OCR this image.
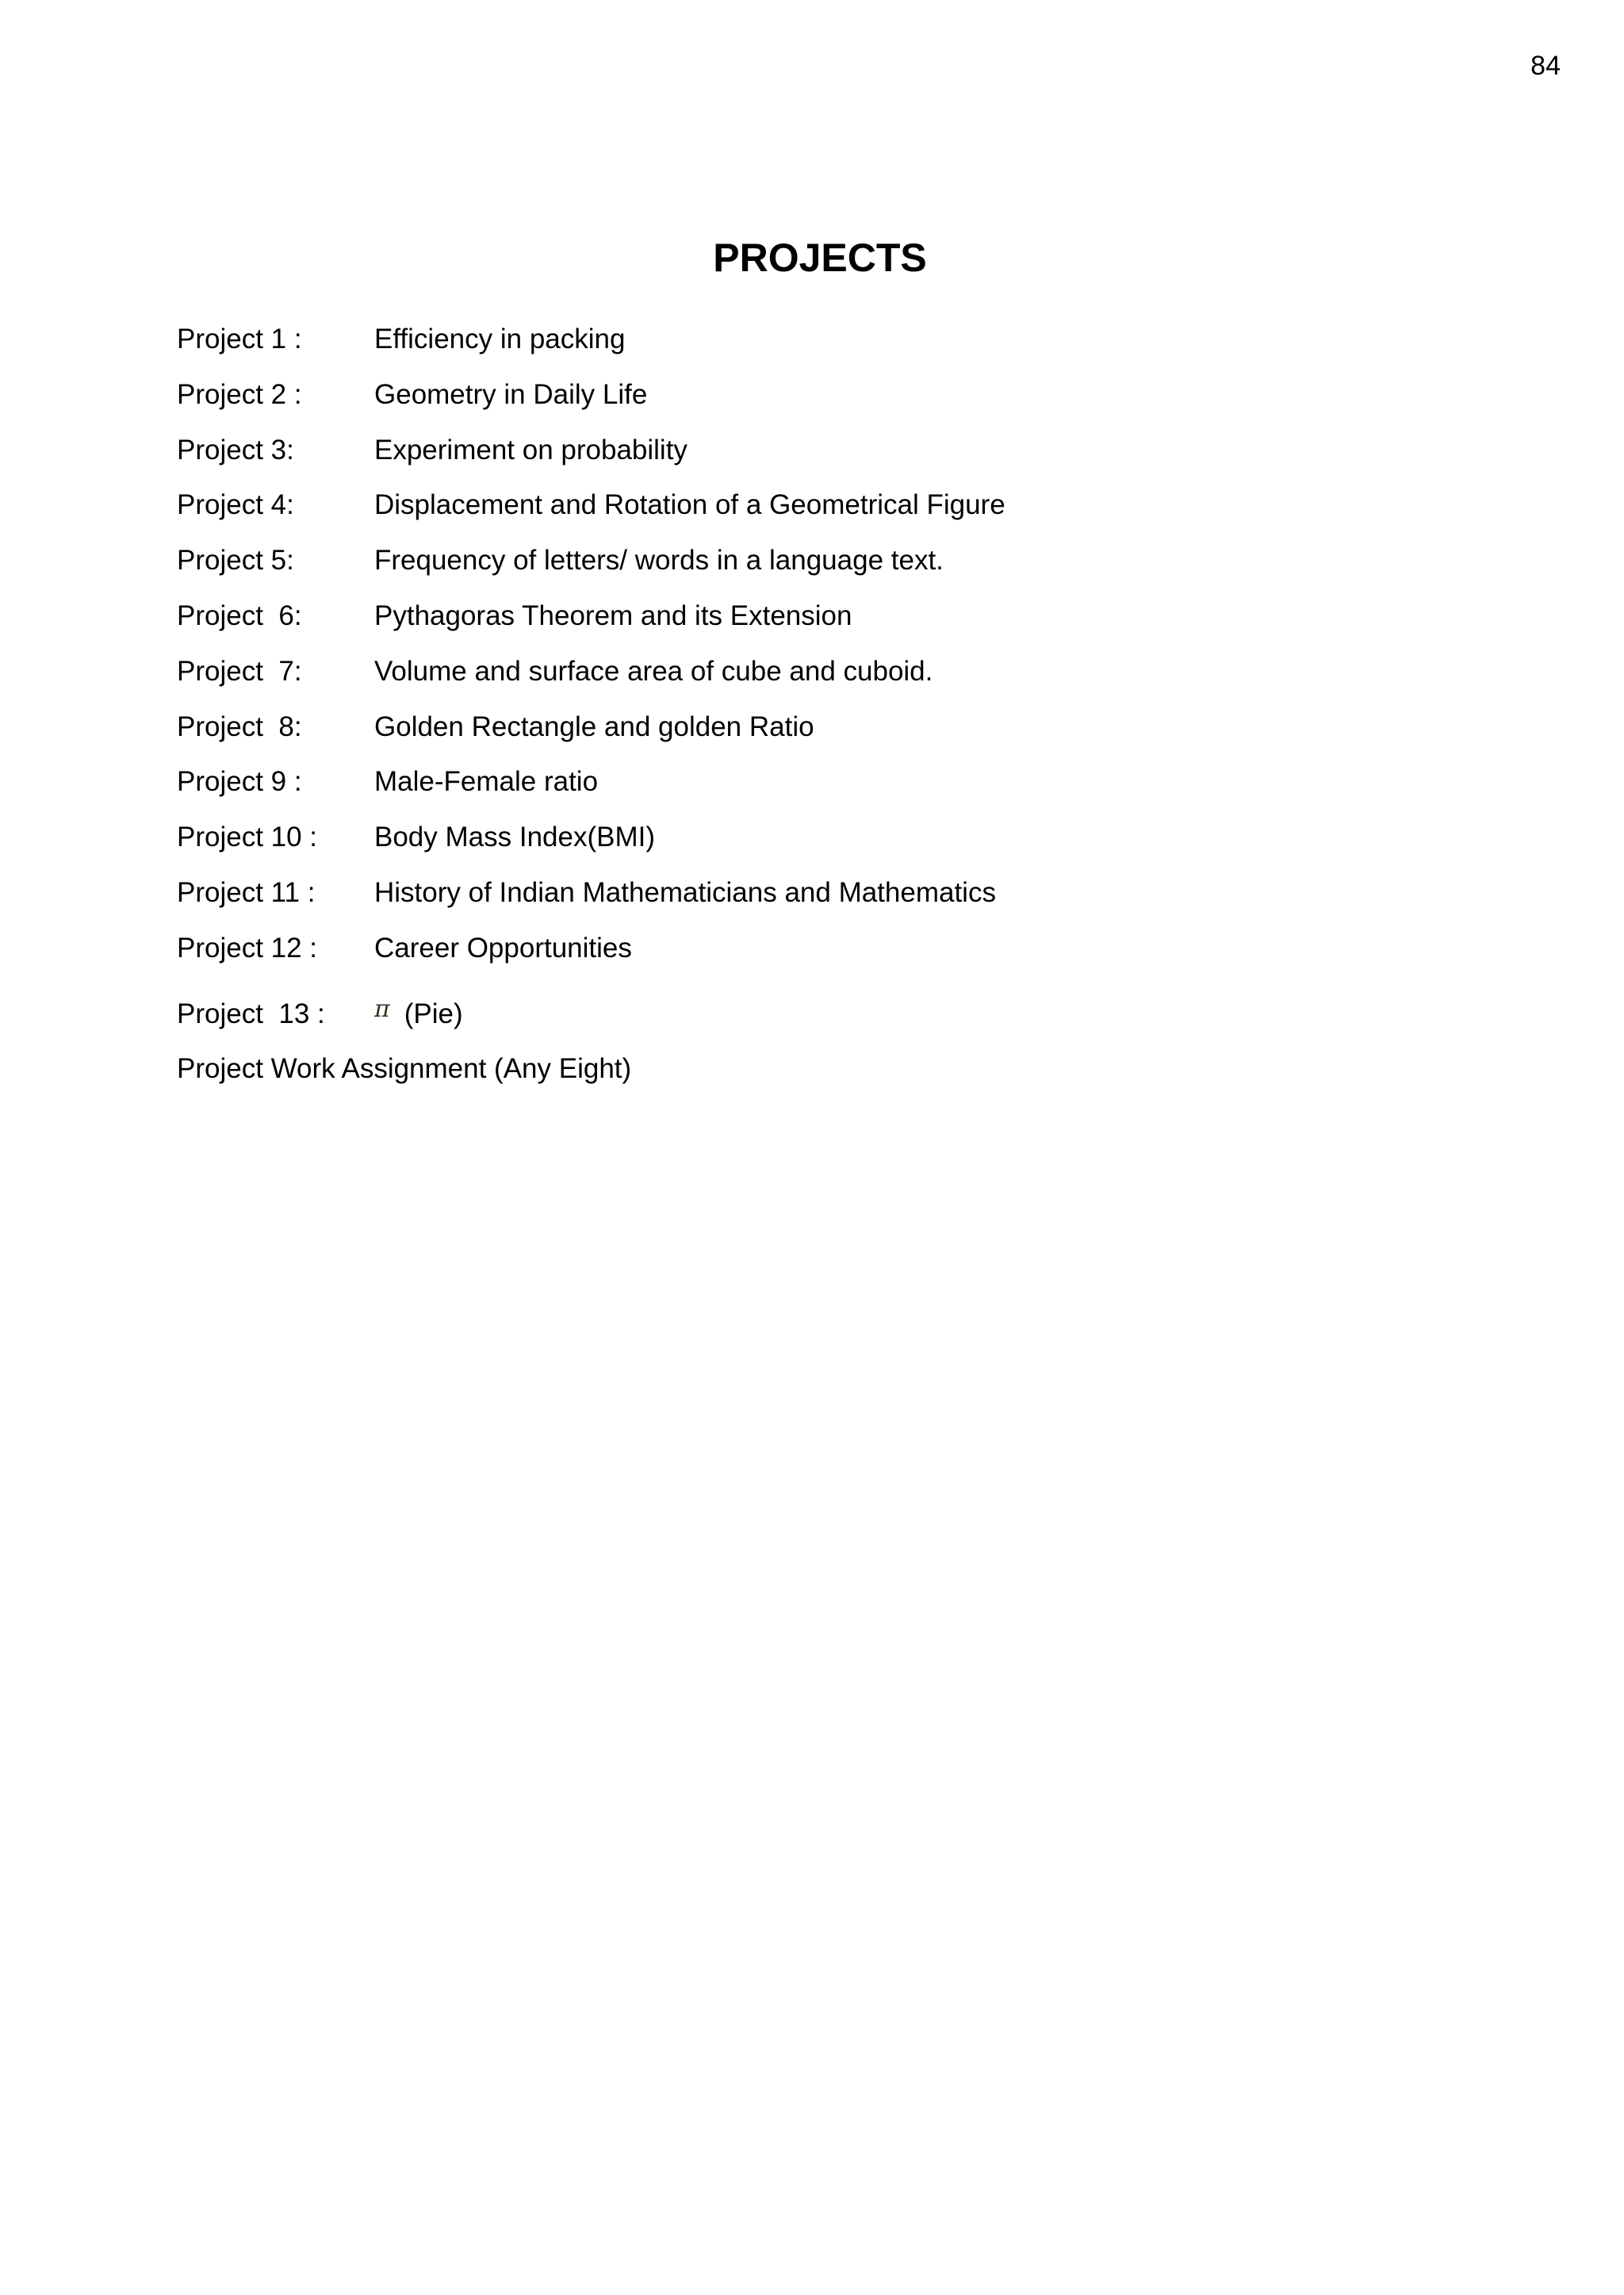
84
PROJECTS
Project 1 :	Efficiency in packing
Project 2 :	Geometry in Daily Life
Project 3:	Experiment on probability
Project 4:	Displacement and Rotation of a Geometrical Figure
Project 5:	Frequency of letters/ words in a language text.
Project  6:	Pythagoras Theorem and its Extension
Project  7:	Volume and surface area of cube and cuboid.
Project  8:	Golden Rectangle and golden Ratio
Project 9 :	Male-Female ratio
Project 10 :	Body Mass Index(BMI)
Project 11 :	History of Indian Mathematicians and Mathematics
Project 12 :	Career Opportunities
Project  13 :	π (Pie)
Project Work Assignment (Any Eight)
